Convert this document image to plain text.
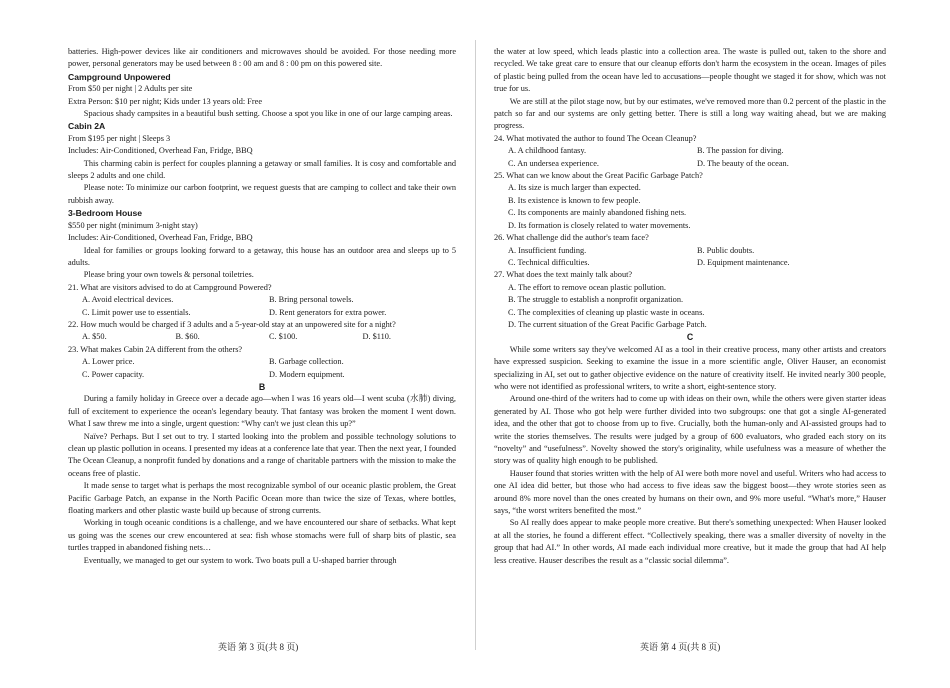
batteries. High-power devices like air conditioners and microwaves should be avoided. For those needing more power, personal generators may be used between 8 : 00 am and 8 : 00 pm on this powered site.

Campground Unpowered

From $50 per night | 2 Adults per site

Extra Person: $10 per night; Kids under 13 years old: Free

Spacious shady campsites in a beautiful bush setting. Choose a spot you like in one of our large camping areas.

Cabin 2A

From $195 per night | Sleeps 3

Includes: Air-Conditioned, Overhead Fan, Fridge, BBQ

This charming cabin is perfect for couples planning a getaway or small families. It is cosy and comfortable and sleeps 2 adults and one child.

Please note: To minimize our carbon footprint, we request guests that are camping to collect and take their own rubbish away.

3-Bedroom House

$550 per night (minimum 3-night stay)

Includes: Air-Conditioned, Overhead Fan, Fridge, BBQ

Ideal for families or groups looking forward to a getaway, this house has an outdoor area and sleeps up to 5 adults.

Please bring your own towels & personal toiletries.

21. What are visitors advised to do at Campground Powered?

A. Avoid electrical devices.	B. Bring personal towels.
C. Limit power use to essentials.	D. Rent generators for extra power.

22. How much would be charged if 3 adults and a 5-year-old stay at an unpowered site for a night?

A. $50.	B. $60.	C. $100.	D. $110.

23. What makes Cabin 2A different from the others?

A. Lower price.	B. Garbage collection.
C. Power capacity.	D. Modern equipment.

B

During a family holiday in Greece over a decade ago—when I was 16 years old—I went scuba (水肺) diving, full of excitement to experience the ocean's legendary beauty. That fantasy was broken the moment I went down. What I saw threw me into a single, urgent question: “Why can't we just clean this up?”

Naïve? Perhaps. But I set out to try. I started looking into the problem and possible technology solutions to clean up plastic pollution in oceans. I presented my ideas at a conference late that year. Then the next year, I founded The Ocean Cleanup, a nonprofit funded by donations and a range of charitable partners with the mission to make the oceans free of plastic.

It made sense to target what is perhaps the most recognizable symbol of our oceanic plastic problem, the Great Pacific Garbage Patch, an expanse in the North Pacific Ocean more than twice the size of Texas, where bottles, floating markers and other plastic waste build up because of strong currents.

Working in tough oceanic conditions is a challenge, and we have encountered our share of setbacks. What kept us going was the scenes our crew encountered at sea: fish whose stomachs were full of sharp bits of plastic, sea turtles trapped in abandoned fishing nets…

Eventually, we managed to get our system to work. Two boats pull a U-shaped barrier through

the water at low speed, which leads plastic into a collection area. The waste is pulled out, taken to the shore and recycled. We take great care to ensure that our cleanup efforts don't harm the ecosystem in the ocean. Images of piles of plastic being pulled from the ocean have led to accusations—people thought we staged it for show, which was not true for us.

We are still at the pilot stage now, but by our estimates, we've removed more than 0.2 percent of the plastic in the patch so far and our systems are only getting better. There is still a long way waiting ahead, but we are making progress.

24. What motivated the author to found The Ocean Cleanup?

A. A childhood fantasy.	B. The passion for diving.
C. An undersea experience.	D. The beauty of the ocean.

25. What can we know about the Great Pacific Garbage Patch?

A. Its size is much larger than expected.

B. Its existence is known to few people.

C. Its components are mainly abandoned fishing nets.

D. Its formation is closely related to water movements.

26. What challenge did the author's team face?

A. Insufficient funding.	B. Public doubts.
C. Technical difficulties.	D. Equipment maintenance.

27. What does the text mainly talk about?

A. The effort to remove ocean plastic pollution.

B. The struggle to establish a nonprofit organization.

C. The complexities of cleaning up plastic waste in oceans.

D. The current situation of the Great Pacific Garbage Patch.

C

While some writers say they've welcomed AI as a tool in their creative process, many other artists and creators have expressed suspicion. Seeking to examine the issue in a more scientific angle, Oliver Hauser, an economist specializing in AI, set out to gather objective evidence on the nature of creativity itself. He invited nearly 300 people, who were not identified as professional writers, to write a short, eight-sentence story.

Around one-third of the writers had to come up with ideas on their own, while the others were given starter ideas generated by AI. Those who got help were further divided into two subgroups: one that got a single AI-generated idea, and the other that got to choose from up to five. Crucially, both the human-only and AI-assisted groups had to write the stories themselves. The results were judged by a group of 600 evaluators, who graded each story on its “novelty” and “usefulness”. Novelty showed the story's originality, while usefulness was a measure of whether the story was of quality high enough to be published.

Hauser found that stories written with the help of AI were both more novel and useful. Writers who had access to one AI idea did better, but those who had access to five ideas saw the biggest boost—they wrote stories seen as around 8% more novel than the ones created by humans on their own, and 9% more useful. “What's more,” Hauser says, “the worst writers benefited the most.”

So AI really does appear to make people more creative. But there's something unexpected: When Hauser looked at all the stories, he found a different effect. “Collectively speaking, there was a smaller diversity of novelty in the group that had AI.” In other words, AI made each individual more creative, but it made the group that had AI help less creative. Hauser describes the result as a “classic social dilemma”.

英语 第 3 页(共 8 页)	英语 第 4 页(共 8 页)
